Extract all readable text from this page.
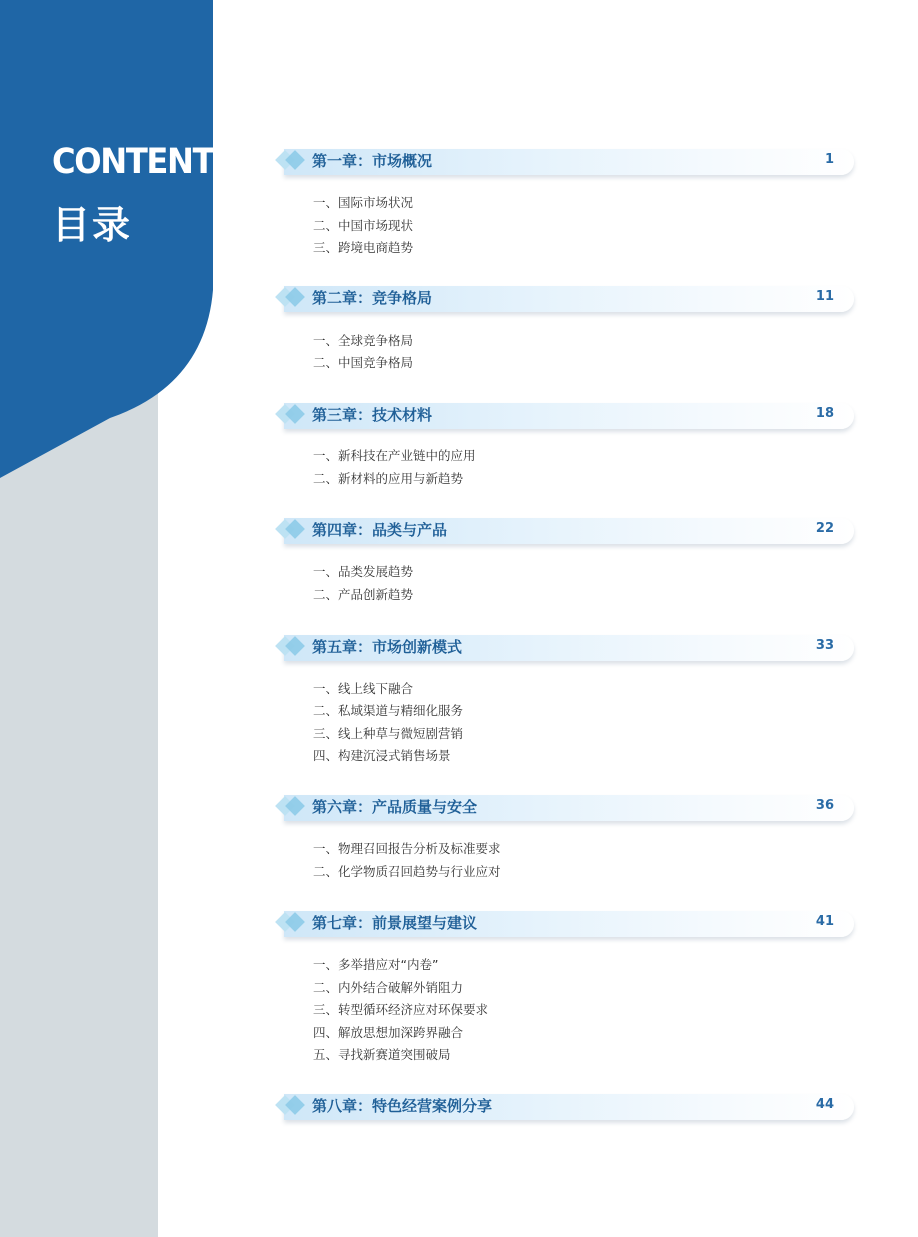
CONTENTS
目录
第一章：市场概况	1
一、国际市场状况
二、中国市场现状
三、跨境电商趋势
第二章：竞争格局	11
一、全球竞争格局
二、中国竞争格局
第三章：技术材料	18
一、新科技在产业链中的应用
二、新材料的应用与新趋势
第四章：品类与产品	22
一、品类发展趋势
二、产品创新趋势
第五章：市场创新模式	33
一、线上线下融合
二、私域渠道与精细化服务
三、线上种草与微短剧营销
四、构建沉浸式销售场景
第六章：产品质量与安全	36
一、物理召回报告分析及标准要求
二、化学物质召回趋势与行业应对
第七章：前景展望与建议	41
一、多举措应对“内卷”
二、内外结合破解外销阻力
三、转型循环经济应对环保要求
四、解放思想加深跨界融合
五、寻找新赛道突围破局
第八章：特色经营案例分享	44
